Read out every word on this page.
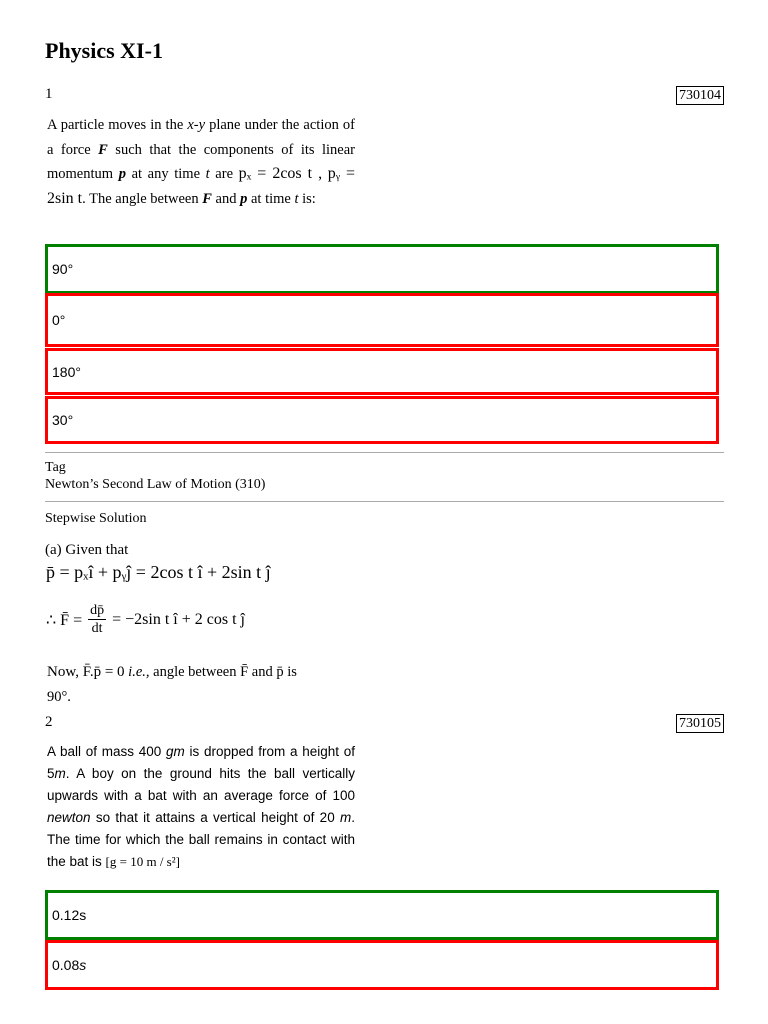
Physics XI-1
1	730104
A particle moves in the x-y plane under the action of a force F such that the components of its linear momentum p at any time t are pₓ = 2cos t , pᵧ = 2sin t. The angle between F and p at time t is:
90°
0°
180°
30°
Tag
Newton’s Second Law of Motion (310)
Stepwise Solution
(a) Given that
p̄ = pₓî + pᵧĵ = 2cos t î + 2sin t ĵ
∴ F̄ = $\frac{dp̄}{dt} = -2\sin$ t î + 2 cos t ĵ
Now, F̄.p̄ = 0 i.e., angle between F̄ and p̄ is
90°.
2	730105
A ball of mass 400 gm is dropped from a height of 5m. A boy on the ground hits the ball vertically upwards with a bat with an average force of 100 newton so that it attains a vertical height of 20 m. The time for which the ball remains in contact with the bat is [g = 10 m / s²]
0.12s
0.08 s
